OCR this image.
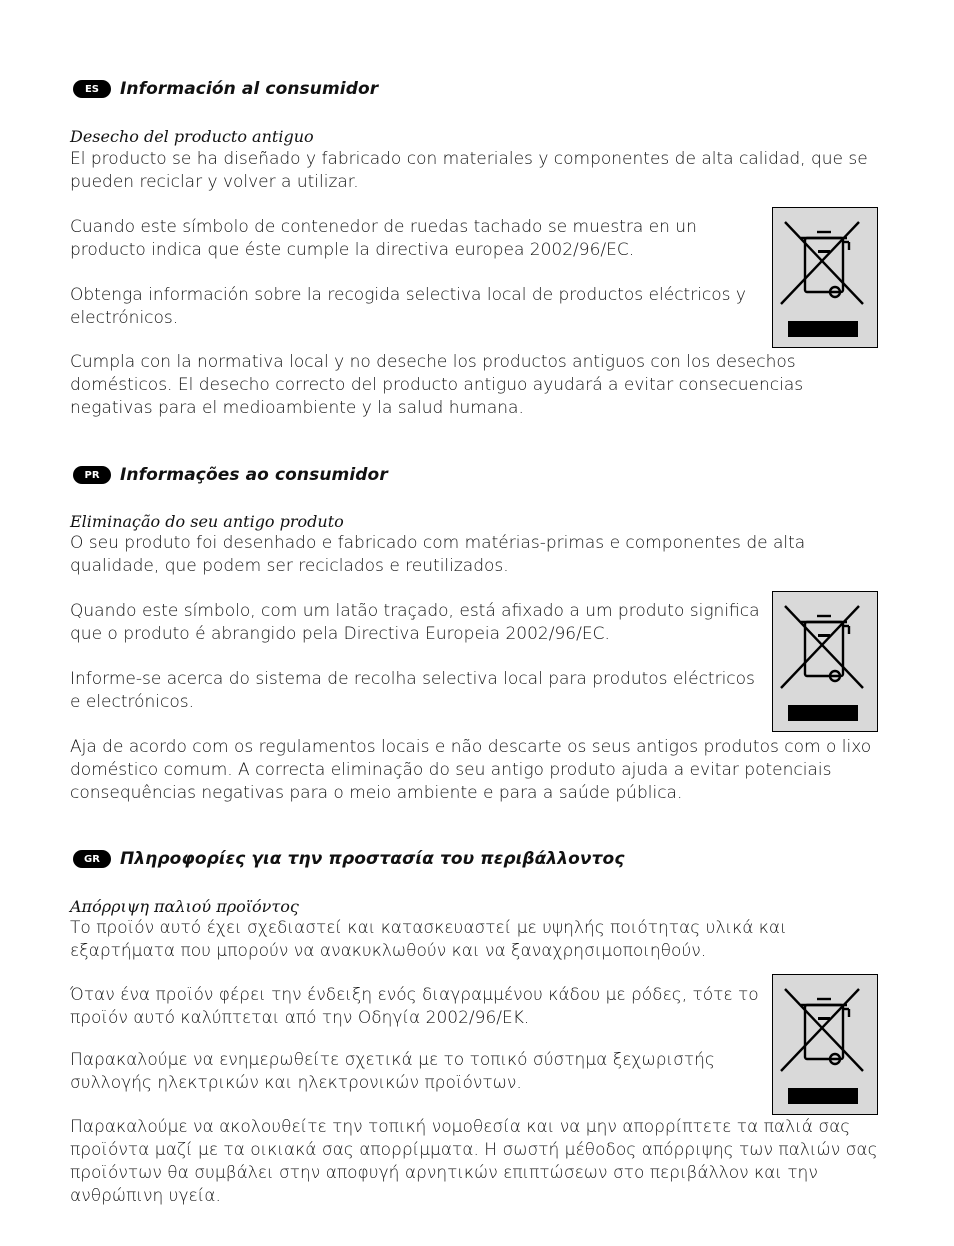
ES	Información al consumidor
Desecho del producto antiguo

El producto se ha diseñado y fabricado con materiales y componentes de alta calidad, que se pueden reciclar y volver a utilizar.

Cuando este símbolo de contenedor de ruedas tachado se muestra en un producto indica que éste cumple la directiva europea 2002/96/EC.

Obtenga información sobre la recogida selectiva local de productos eléctricos y electrónicos.

Cumpla con la normativa local y no deseche los productos antiguos con los desechos domésticos. El desecho correcto del producto antiguo ayudará a evitar consecuencias negativas para el medioambiente y la salud humana.

PR	Informações ao consumidor
Eliminação do seu antigo produto

O seu produto foi desenhado e fabricado com matérias-primas e componentes de alta qualidade, que podem ser reciclados e reutilizados.

Quando este símbolo, com um latão traçado, está afixado a um produto significa que o produto é abrangido pela Directiva Europeia 2002/96/EC.

Informe-se acerca do sistema de recolha selectiva local para produtos eléctricos e electrónicos.

Aja de acordo com os regulamentos locais e não descarte os seus antigos produtos com o lixo doméstico comum. A correcta eliminação do seu antigo produto ajuda a evitar potenciais consequências negativas para o meio ambiente e para a saúde pública.

GR	Πληροφορίες για την προστασία του περιβάλλοντος
Απόρριψη παλιού προϊόντος

Το προϊόν αυτό έχει σχεδιαστεί και κατασκευαστεί με υψηλής ποιότητας υλικά και εξαρτήματα που μπορούν να ανακυκλωθούν και να ξαναχρησιμοποιηθούν.

Όταν ένα προϊόν φέρει την ένδειξη ενός διαγραμμένου κάδου με ρόδες, τότε το προϊόν αυτό καλύπτεται από την Οδηγία 2002/96/ΕΚ.

Παρακαλούμε να ενημερωθείτε σχετικά με το τοπικό σύστημα ξεχωριστής συλλογής ηλεκτρικών και ηλεκτρονικών προϊόντων.

Παρακαλούμε να ακολουθείτε την τοπική νομοθεσία και να μην απορρίπτετε τα παλιά σας προϊόντα μαζί με τα οικιακά σας απορρίμματα. Η σωστή μέθοδος απόρριψης των παλιών σας προϊόντων θα συμβάλει στην αποφυγή αρνητικών επιπτώσεων στο περιβάλλον και την ανθρώπινη υγεία.
